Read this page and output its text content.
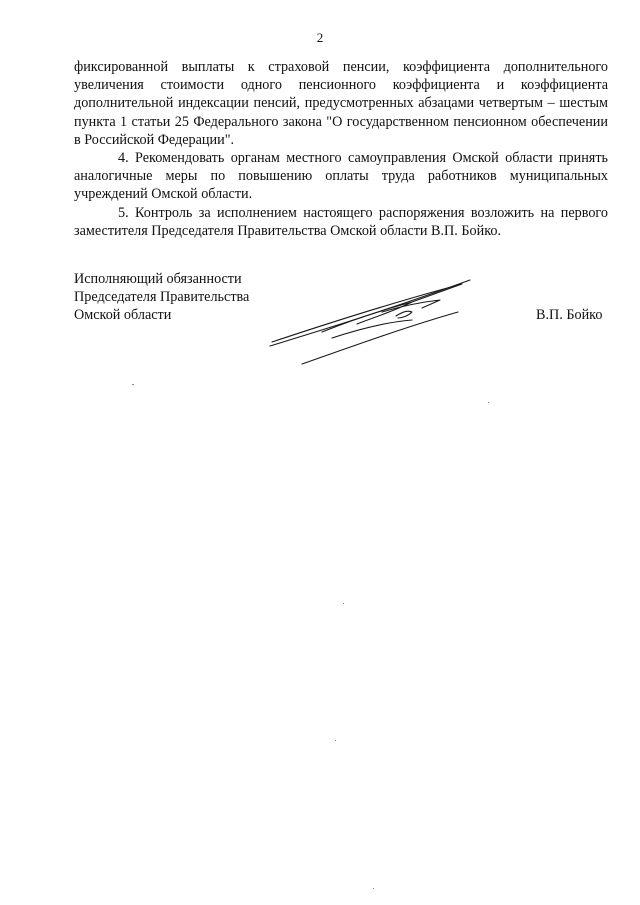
2

фиксированной выплаты к страховой пенсии, коэффициента дополнительного увеличения стоимости одного пенсионного коэффициента и коэффициента дополнительной индексации пенсий, предусмотренных абзацами четвертым – шестым пункта 1 статьи 25 Федерального закона "О государственном пенсионном обеспечении в Российской Федерации".

4. Рекомендовать органам местного самоуправления Омской области принять аналогичные меры по повышению оплаты труда работников муниципальных учреждений Омской области.

5. Контроль за исполнением настоящего распоряжения возложить на первого заместителя Председателя Правительства Омской области В.П. Бойко.

Исполняющий обязанности
Председателя Правительства
Омской области	В.П. Бойко
